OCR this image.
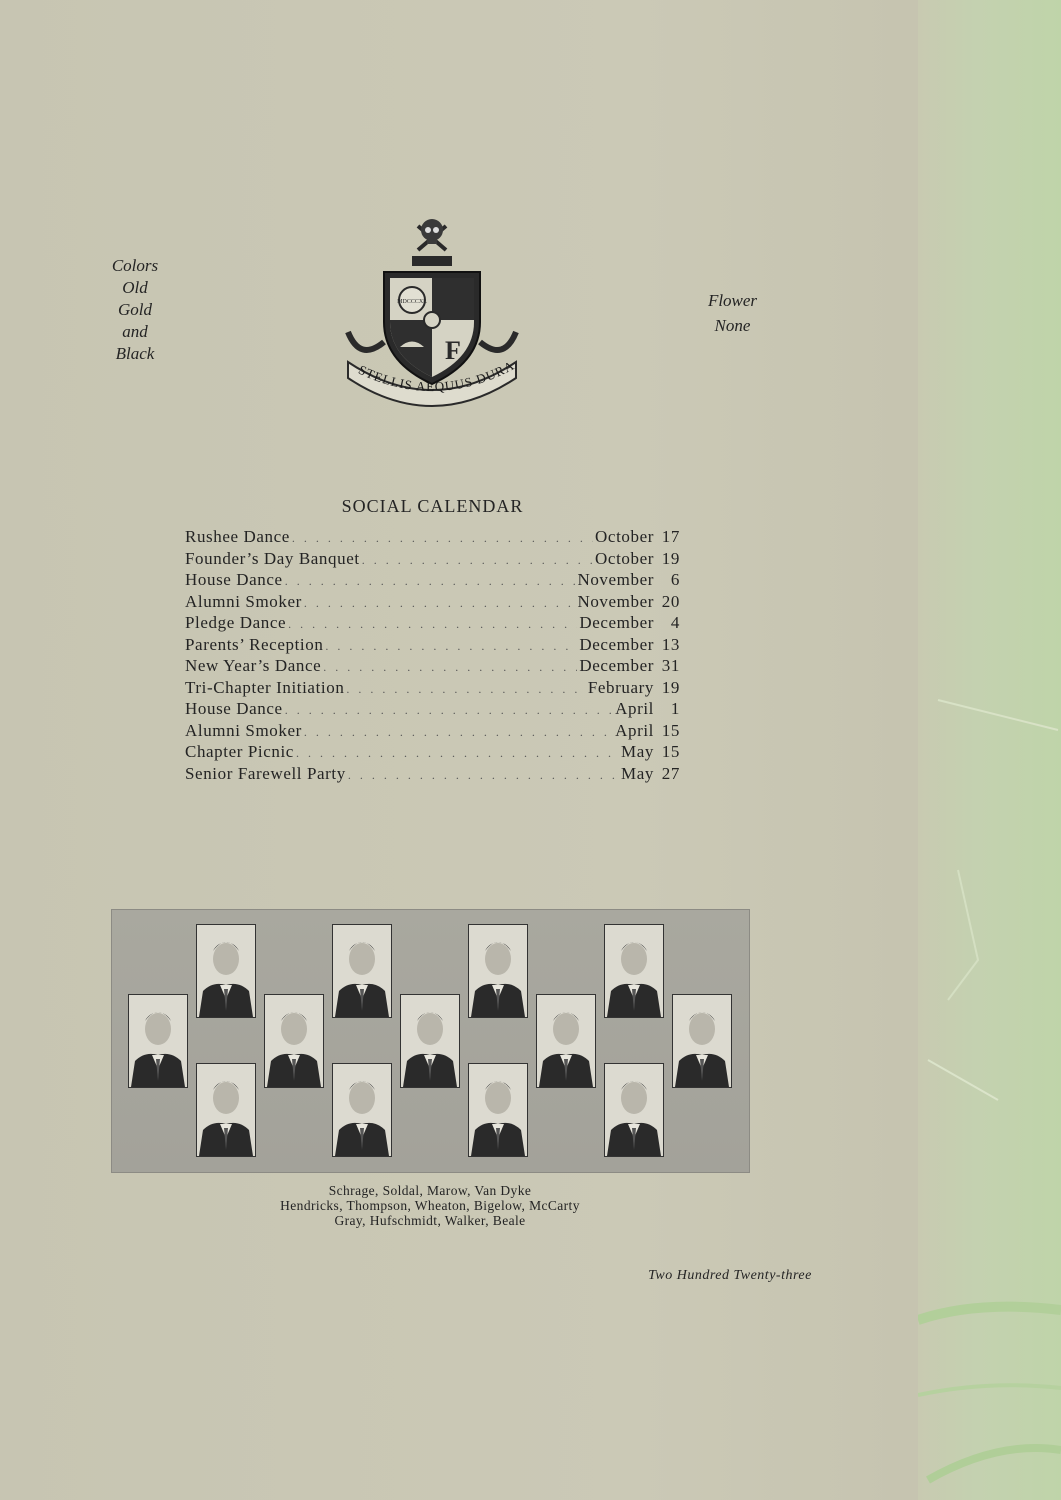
Colors
Old
Gold
and
Black
Flower
None
MDCCCXL
F
STELLIS AEQUUS DURA
SOCIAL CALENDAR
Rushee Dance . . .	October 17
Founder’s Day Banquet . . .	October 19
House Dance . . .	November 6
Alumni Smoker . . .	November 20
Pledge Dance . . .	December 4
Parents’ Reception . . .	December 13
New Year’s Dance . . .	December 31
Tri-Chapter Initiation . . .	February 19
House Dance . . .	April 1
Alumni Smoker . . .	April 15
Chapter Picnic . . .	May 15
Senior Farewell Party . . .	May 27
Schrage, Soldal, Marow, Van Dyke
Hendricks, Thompson, Wheaton, Bigelow, McCarty
Gray, Hufschmidt, Walker, Beale
Two Hundred Twenty-three
